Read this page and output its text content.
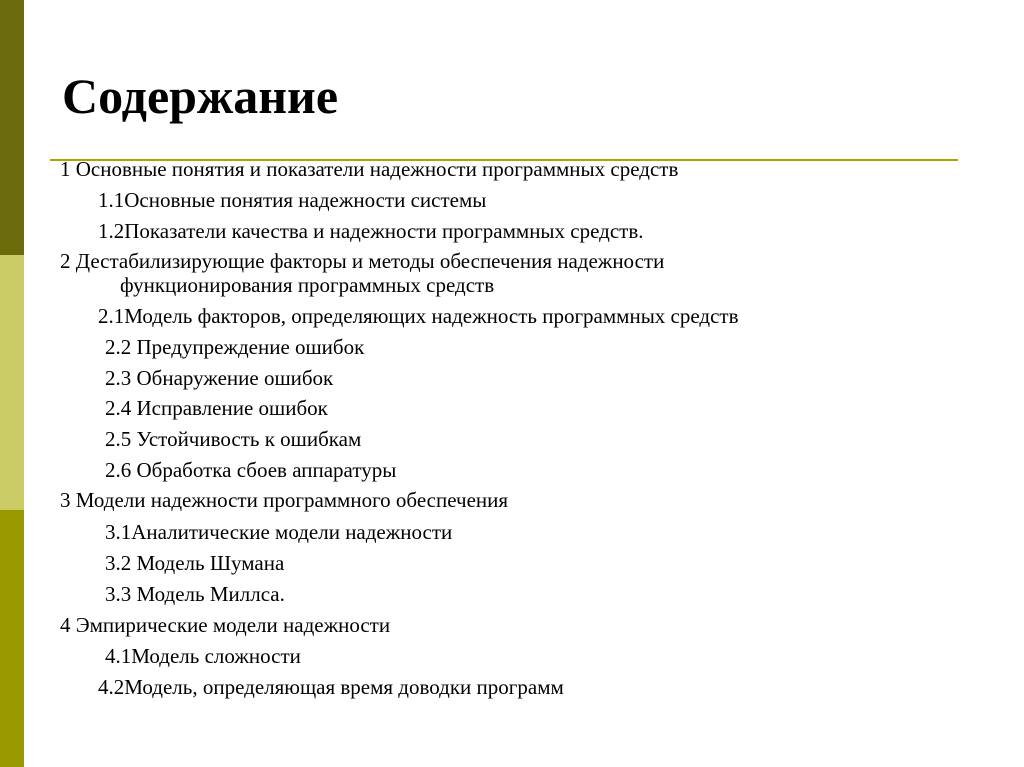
Содержание
1 Основные понятия и показатели надежности программных средств
1.1Основные понятия надежности системы
1.2Показатели качества и надежности программных средств.
2 Дестабилизирующие факторы и методы обеспечения надежности
функционирования программных средств
2.1Модель факторов, определяющих надежность программных средств
2.2 Предупреждение ошибок
2.3 Обнаружение ошибок
2.4 Исправление ошибок
2.5 Устойчивость к ошибкам
2.6 Обработка сбоев аппаратуры
3 Модели надежности программного обеспечения
3.1Аналитические модели надежности
3.2 Модель Шумана
3.3 Модель Миллса.
4 Эмпирические модели надежности
4.1Модель сложности
4.2Модель, определяющая время доводки программ
